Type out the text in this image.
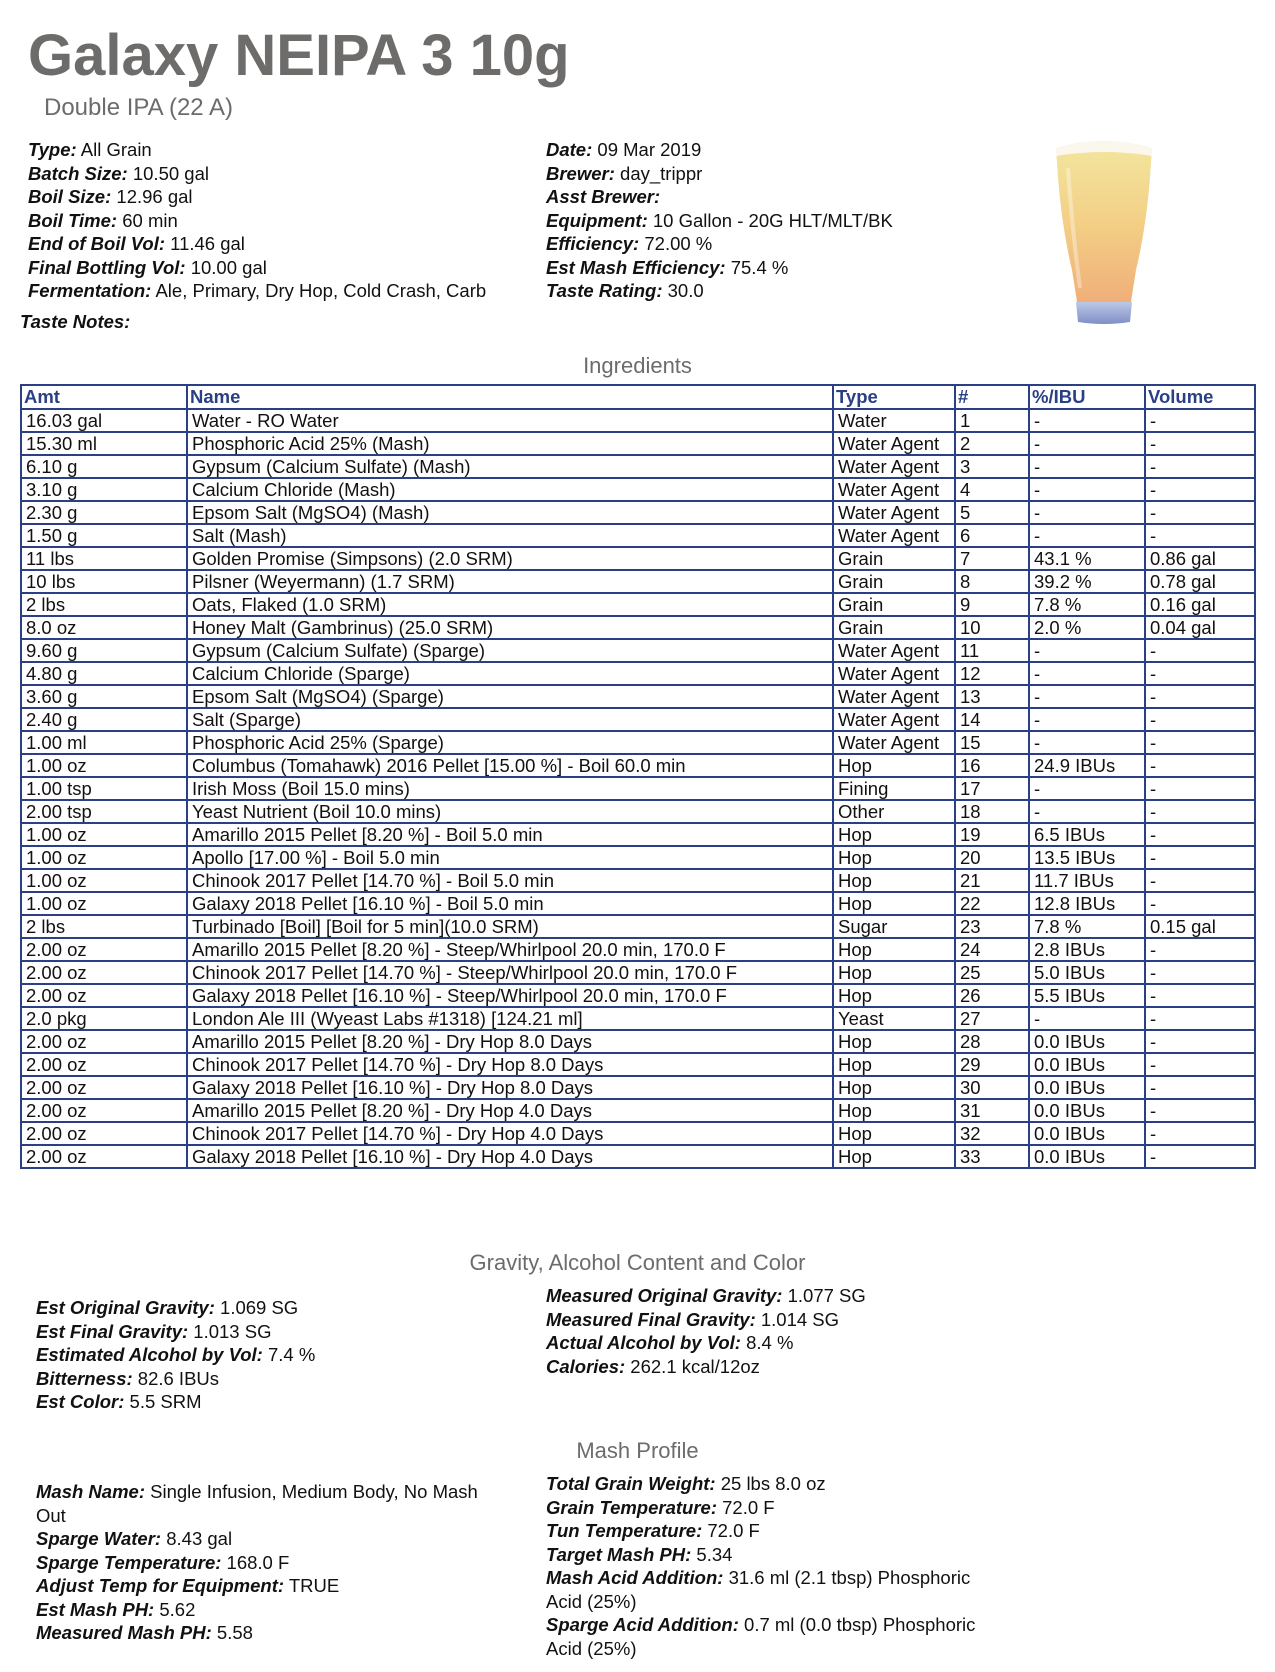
Galaxy NEIPA 3 10g
Double IPA (22 A)
Type: All Grain
Batch Size: 10.50 gal
Boil Size: 12.96 gal
Boil Time: 60 min
End of Boil Vol: 11.46 gal
Final Bottling Vol: 10.00 gal
Fermentation: Ale, Primary, Dry Hop, Cold Crash, Carb
Date: 09 Mar 2019
Brewer: day_trippr
Asst Brewer:
Equipment: 10 Gallon - 20G HLT/MLT/BK
Efficiency: 72.00 %
Est Mash Efficiency: 75.4 %
Taste Rating: 30.0
Taste Notes:
Ingredients
Amt	Name	Type	#	%/IBU	Volume
16.03 gal	Water - RO Water	Water	1	-	-
15.30 ml	Phosphoric Acid 25% (Mash)	Water Agent	2	-	-
6.10 g	Gypsum (Calcium Sulfate) (Mash)	Water Agent	3	-	-
3.10 g	Calcium Chloride (Mash)	Water Agent	4	-	-
2.30 g	Epsom Salt (MgSO4) (Mash)	Water Agent	5	-	-
1.50 g	Salt (Mash)	Water Agent	6	-	-
11 lbs	Golden Promise (Simpsons) (2.0 SRM)	Grain	7	43.1 %	0.86 gal
10 lbs	Pilsner (Weyermann) (1.7 SRM)	Grain	8	39.2 %	0.78 gal
2 lbs	Oats, Flaked (1.0 SRM)	Grain	9	7.8 %	0.16 gal
8.0 oz	Honey Malt (Gambrinus) (25.0 SRM)	Grain	10	2.0 %	0.04 gal
9.60 g	Gypsum (Calcium Sulfate) (Sparge)	Water Agent	11	-	-
4.80 g	Calcium Chloride (Sparge)	Water Agent	12	-	-
3.60 g	Epsom Salt (MgSO4) (Sparge)	Water Agent	13	-	-
2.40 g	Salt (Sparge)	Water Agent	14	-	-
1.00 ml	Phosphoric Acid 25% (Sparge)	Water Agent	15	-	-
1.00 oz	Columbus (Tomahawk) 2016 Pellet [15.00 %] - Boil 60.0 min	Hop	16	24.9 IBUs	-
1.00 tsp	Irish Moss (Boil 15.0 mins)	Fining	17	-	-
2.00 tsp	Yeast Nutrient (Boil 10.0 mins)	Other	18	-	-
1.00 oz	Amarillo 2015 Pellet [8.20 %] - Boil 5.0 min	Hop	19	6.5 IBUs	-
1.00 oz	Apollo [17.00 %] - Boil 5.0 min	Hop	20	13.5 IBUs	-
1.00 oz	Chinook 2017 Pellet [14.70 %] - Boil 5.0 min	Hop	21	11.7 IBUs	-
1.00 oz	Galaxy 2018 Pellet [16.10 %] - Boil 5.0 min	Hop	22	12.8 IBUs	-
2 lbs	Turbinado [Boil] [Boil for 5 min](10.0 SRM)	Sugar	23	7.8 %	0.15 gal
2.00 oz	Amarillo 2015 Pellet [8.20 %] - Steep/Whirlpool 20.0 min, 170.0 F	Hop	24	2.8 IBUs	-
2.00 oz	Chinook 2017 Pellet [14.70 %] - Steep/Whirlpool 20.0 min, 170.0 F	Hop	25	5.0 IBUs	-
2.00 oz	Galaxy 2018 Pellet [16.10 %] - Steep/Whirlpool 20.0 min, 170.0 F	Hop	26	5.5 IBUs	-
2.0 pkg	London Ale III (Wyeast Labs #1318) [124.21 ml]	Yeast	27	-	-
2.00 oz	Amarillo 2015 Pellet [8.20 %] - Dry Hop 8.0 Days	Hop	28	0.0 IBUs	-
2.00 oz	Chinook 2017 Pellet [14.70 %] - Dry Hop 8.0 Days	Hop	29	0.0 IBUs	-
2.00 oz	Galaxy 2018 Pellet [16.10 %] - Dry Hop 8.0 Days	Hop	30	0.0 IBUs	-
2.00 oz	Amarillo 2015 Pellet [8.20 %] - Dry Hop 4.0 Days	Hop	31	0.0 IBUs	-
2.00 oz	Chinook 2017 Pellet [14.70 %] - Dry Hop 4.0 Days	Hop	32	0.0 IBUs	-
2.00 oz	Galaxy 2018 Pellet [16.10 %] - Dry Hop 4.0 Days	Hop	33	0.0 IBUs	-
Gravity, Alcohol Content and Color
Est Original Gravity: 1.069 SG
Est Final Gravity: 1.013 SG
Estimated Alcohol by Vol: 7.4 %
Bitterness: 82.6 IBUs
Est Color: 5.5 SRM
Measured Original Gravity: 1.077 SG
Measured Final Gravity: 1.014 SG
Actual Alcohol by Vol: 8.4 %
Calories: 262.1 kcal/12oz
Mash Profile
Mash Name: Single Infusion, Medium Body, No Mash
Out
Sparge Water: 8.43 gal
Sparge Temperature: 168.0 F
Adjust Temp for Equipment: TRUE
Est Mash PH: 5.62
Measured Mash PH: 5.58
Total Grain Weight: 25 lbs 8.0 oz
Grain Temperature: 72.0 F
Tun Temperature: 72.0 F
Target Mash PH: 5.34
Mash Acid Addition: 31.6 ml (2.1 tbsp) Phosphoric
Acid (25%)
Sparge Acid Addition: 0.7 ml (0.0 tbsp) Phosphoric
Acid (25%)
